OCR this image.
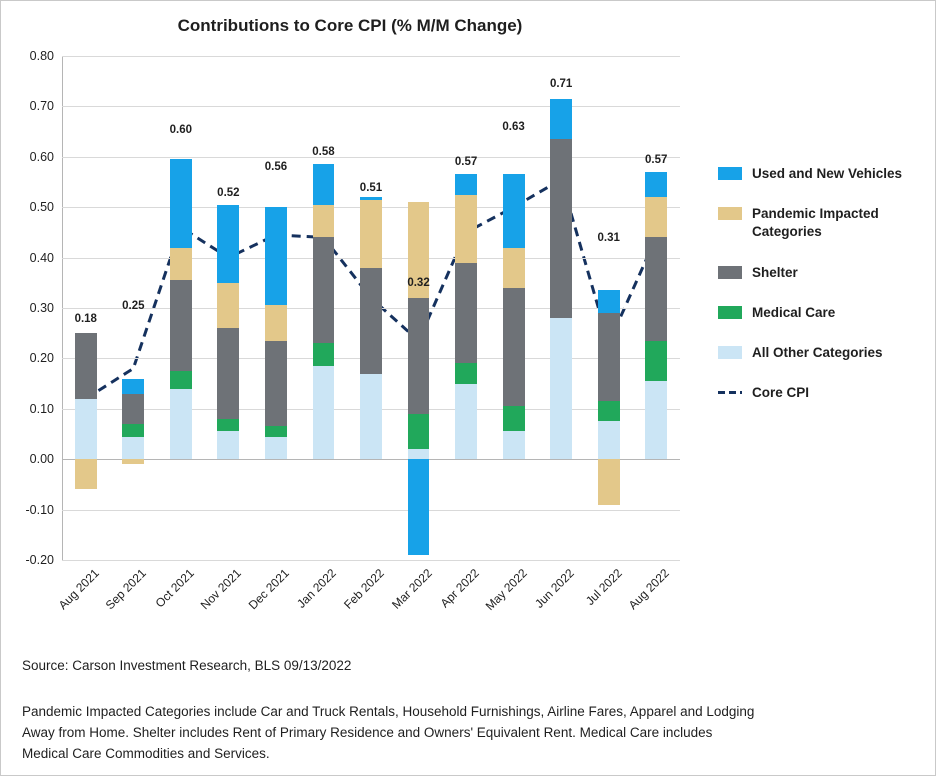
Contributions to Core CPI (% M/M Change)
0.80
0.70
0.60
0.50
0.40
0.30
0.20
0.10
0.00
-0.10
-0.20
0.18
0.25
0.60
0.52
0.56
0.58
0.51
0.32
0.57
0.63
0.71
0.31
0.57
Aug 2021 Sep 2021 Oct 2021 Nov 2021 Dec 2021 Jan 2022 Feb 2022 Mar 2022 Apr 2022 May 2022 Jun 2022 Jul 2022 Aug 2022
Used and New Vehicles
Pandemic Impacted Categories
Shelter
Medical Care
All Other Categories
Core CPI
Source: Carson Investment Research, BLS 09/13/2022
Pandemic Impacted Categories include Car and Truck Rentals, Household Furnishings, Airline Fares, Apparel and Lodging Away from Home. Shelter includes Rent of Primary Residence and Owners' Equivalent Rent. Medical Care includes Medical Care Commodities and Services.
